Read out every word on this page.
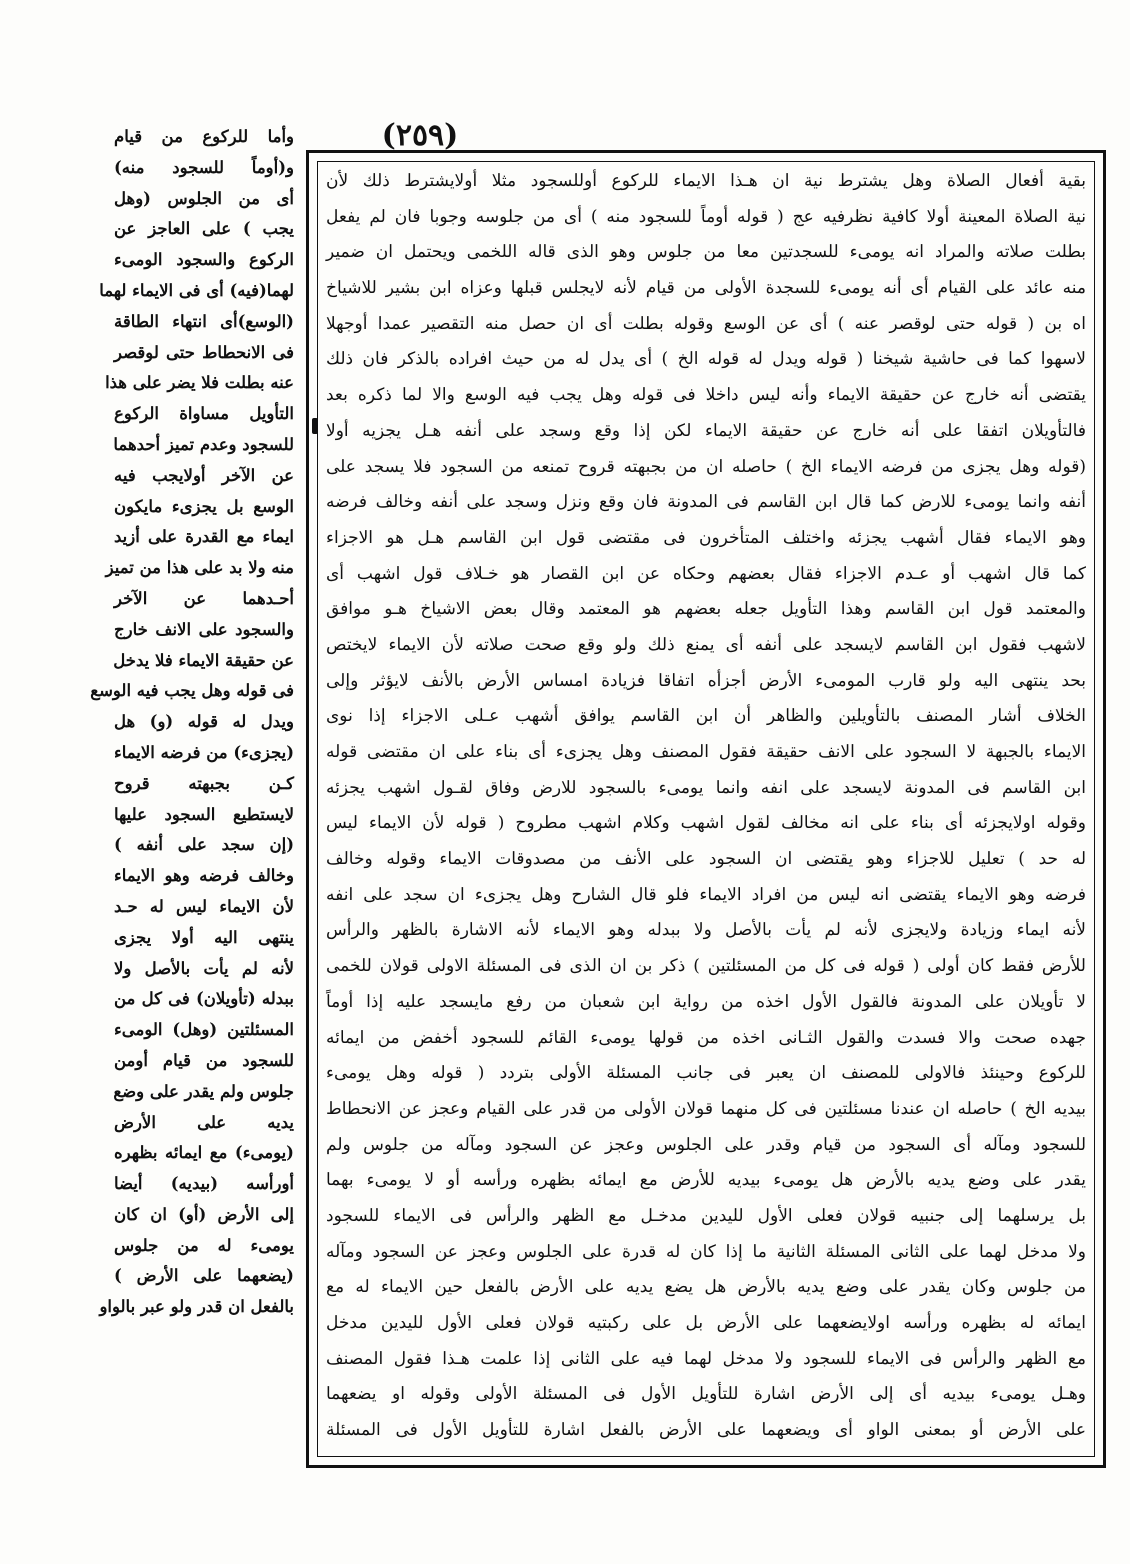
(٢٥٩)
بقية أفعال الصلاة وهل يشترط نية ان هـذا الايماء للركوع أوللسجود مثلا أولايشترط ذلك لأن
نية الصلاة المعينة أولا كافية نظرفيه عج ( قوله أوماً للسجود منه ) أى من جلوسه وجوبا فان لم يفعل
بطلت صلاته والمراد انه يومىء للسجدتين معا من جلوس وهو الذى قاله اللخمى ويحتمل ان ضمير
منه عائد على القيام أى أنه يومىء للسجدة الأولى من قيام لأنه لايجلس قبلها وعزاه ابن بشير للاشياخ
اه بن ( قوله حتى لوقصر عنه ) أى عن الوسع وقوله بطلت أى ان حصل منه التقصير عمدا أوجهلا
لاسهوا كما فى حاشية شيخنا ( قوله ويدل له قوله الخ ) أى يدل له من حيث افراده بالذكر فان ذلك
يقتضى أنه خارج عن حقيقة الايماء وأنه ليس داخلا فى قوله وهل يجب فيه الوسع والا لما ذكره بعد
فالتأويلان اتفقا على أنه خارج عن حقيقة الايماء لكن إذا وقع وسجد على أنفه هـل يجزيه أولا
(قوله وهل يجزى من فرضه الايماء الخ ) حاصله ان من بجبهته قروح تمنعه من السجود فلا يسجد على
أنفه وانما يومىء للارض كما قال ابن القاسم فى المدونة فان وقع ونزل وسجد على أنفه وخالف فرضه
وهو الايماء فقال أشهب يجزئه واختلف المتأخرون فى مقتضى قول ابن القاسم هـل هو الاجزاء
كما قال اشهب أو عـدم الاجزاء فقال بعضهم وحكاه عن ابن القصار هو خـلاف قول اشهب أى
والمعتمد قول ابن القاسم وهذا التأويل جعله بعضهم هو المعتمد وقال بعض الاشياخ هـو موافق
لاشهب فقول ابن القاسم لايسجد على أنفه أى يمنع ذلك ولو وقع صحت صلاته لأن الايماء لايختص
بحد ينتهى اليه ولو قارب المومىء الأرض أجزأه اتفاقا فزيادة امساس الأرض بالأنف لايؤثر وإلى
الخلاف أشار المصنف بالتأويلين والظاهر أن ابن القاسم يوافق أشهب عـلى الاجزاء إذا نوى
الايماء بالجبهة لا السجود على الانف حقيقة فقول المصنف وهل يجزىء أى بناء على ان مقتضى قوله
ابن القاسم فى المدونة لايسجد على انفه وانما يومىء بالسجود للارض وفاق لقـول اشهب يجزئه
وقوله اولايجزئه أى بناء على انه مخالف لقول اشهب وكلام اشهب مطروح ( قوله لأن الايماء ليس
له حد ) تعليل للاجزاء وهو يقتضى ان السجود على الأنف من مصدوقات الايماء وقوله وخالف
فرضه وهو الايماء يقتضى انه ليس من افراد الايماء فلو قال الشارح وهل يجزىء ان سجد على انفه
لأنه ايماء وزيادة ولايجزى لأنه لم يأت بالأصل ولا ببدله وهو الايماء لأنه الاشارة بالظهر والرأس
للأرض فقط كان أولى ( قوله فى كل من المسئلتين ) ذكر بن ان الذى فى المسئلة الاولى قولان للخمى
لا تأويلان على المدونة فالقول الأول اخذه من رواية ابن شعبان من رفع مايسجد عليه إذا أوماً
جهده صحت والا فسدت والقول الثـانى اخذه من قولها يومىء القائم للسجود أخفض من ايمائه
للركوع وحينئذ فالاولى للمصنف ان يعبر فى جانب المسئلة الأولى بتردد ( قوله وهل يومىء
بيديه الخ ) حاصله ان عندنا مسئلتين فى كل منهما قولان الأولى من قدر على القيام وعجز عن الانحطاط
للسجود ومآله أى السجود من قيام وقدر على الجلوس وعجز عن السجود ومآله من جلوس ولم
يقدر على وضع يديه بالأرض هل يومىء بيديه للأرض مع ايمائه بظهره ورأسه أو لا يومىء بهما
بل يرسلهما إلى جنبيه قولان فعلى الأول لليدين مدخـل مع الظهر والرأس فى الايماء للسجود
ولا مدخل لهما على الثانى المسئلة الثانية ما إذا كان له قدرة على الجلوس وعجز عن السجود ومآله
من جلوس وكان يقدر على وضع يديه بالأرض هل يضع يديه على الأرض بالفعل حين الايماء له مع
ايمائه له بظهره ورأسه اولايضعهما على الأرض بل على ركبتيه قولان فعلى الأول لليدين مدخل
مع الظهر والرأس فى الايماء للسجود ولا مدخل لهما فيه على الثانى إذا علمت هـذا فقول المصنف
وهـل يومىء بيديه أى إلى الأرض اشارة للتأويل الأول فى المسئلة الأولى وقوله او يضعهما
على الأرض أو بمعنى الواو أى ويضعهما على الأرض بالفعل اشارة للتأويل الأول فى المسئلة
وأما للركوع من قيام
و(أوماً للسجود منه)
أى من الجلوس (وهل
يجب ) على العاجز عن
الركوع والسجود الومىء
لهما(فيه) أى فى الايماء لهما
(الوسع)أى انتهاء الطاقة
فى الانحطاط حتى لوقصر
عنه بطلت فلا يضر على هذا
التأويل مساواة الركوع
للسجود وعدم تميز أحدهما
عن الآخر أولايجب فيه
الوسع بل يجزىء مايكون
ايماء مع القدرة على أزيد
منه ولا بد على هذا من تميز
أحـدهما عن الآخر
والسجود على الانف خارج
عن حقيقة الايماء فلا يدخل
فى قوله وهل يجب فيه الوسع
ويدل له قوله (و) هل
(يجزىء) من فرضه الايماء
كـن بجبهته قروح
لايستطيع السجود عليها
(إن سجد على أنفه )
وخالف فرضه وهو الايماء
لأن الايماء ليس له حـد
ينتهى اليه أولا يجزى
لأنه لم يأت بالأصل ولا
ببدله (تأويلان) فى كل من
المسئلتين (وهل) الومىء
للسجود من قيام أومن
جلوس ولم يقدر على وضع
يديه على الأرض
(يومىء) مع ايمائه بظهره
أورأسه (بيديه) أيضا
إلى الأرض (أو) ان كان
يومىء له من جلوس
(يضعهما على الأرض )
بالفعل ان قدر ولو عبر بالواو
